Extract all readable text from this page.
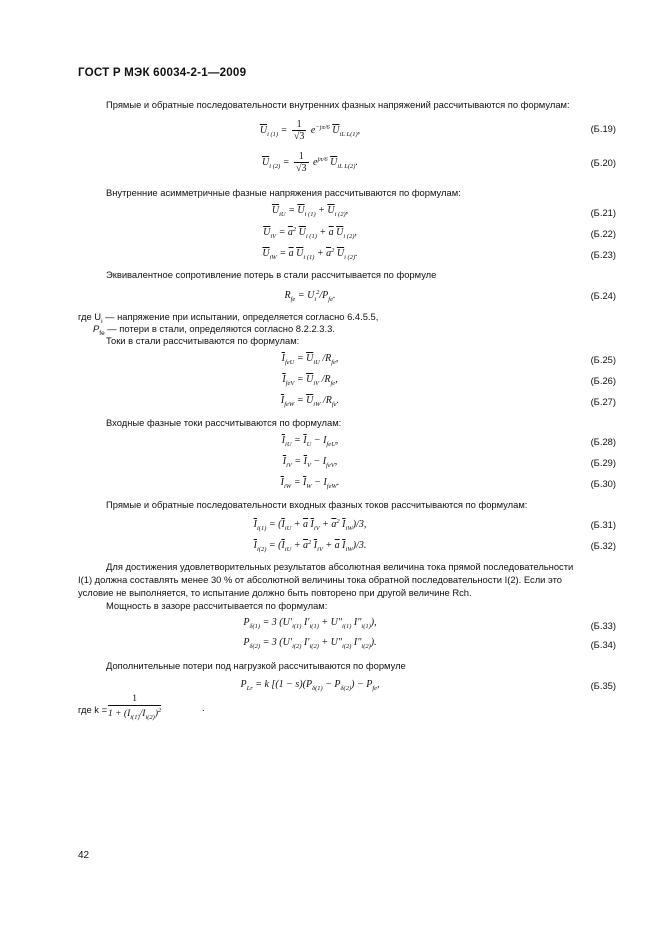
ГОСТ Р МЭК 60034-2-1—2009
Прямые и обратные последовательности внутренних фазных напряжений рассчитываются по формулам:
$\overline{U}_{i (1)} = \frac{1}{√3} e^{-j\pi/6}$ $\overline{U}_{iL L(1)}$,	(Б.19)
$\overline{U}_{i (2)} = \frac{1}{√3} e^{j\pi/6}$ $\overline{U}_{iL L(2)}$.	(Б.20)
Внутренние асимметричные фазные напряжения рассчитываются по формулам:
$\overline{U}_{iU} = \overline{U}_{i (1)} + \overline{U}_{i (2)}$,	(Б.21)
$\overline{U}_{iV} = \overline{a}^2$ $\overline{U}_{i (1)} + \overline{a}$ $\overline{U}_{i (2)}$,	(Б.22)
$\overline{U}_{iW} = \overline{a}$ $\overline{U}_{i (1)} + \overline{a}^2$ $\overline{U}_{i (2)}$.	(Б.23)
Эквивалентное сопротивление потерь в стали рассчитывается по формуле
$R_{fe} = U_i^2/P_{fe}$.	(Б.24)
где $U_i$ — напряжение при испытании, определяется согласно 6.4.5.5,
$P_{fe}$ — потери в стали, определяются согласно 8.2.2.3.3.
Токи в стали рассчитываются по формулам:
$\overline{I}_{feU} = \overline{U}_{iU}$ $/R_{fe}$,	(Б.25)
$\overline{I}_{feV} = \overline{U}_{iV}$ $/R_{fe}$,	(Б.26)
$\overline{I}_{feW} = \overline{U}_{iW}$ $/R_{fe}$.	(Б.27)
Входные фазные токи рассчитываются по формулам:
$\overline{I}_{iU} = \overline{I}_U - I_{feU}$,	(Б.28)
$\overline{I}_{iV} = \overline{I}_V - I_{feV}$,	(Б.29)
$\overline{I}_{iW} = \overline{I}_W - I_{feW}$.	(Б.30)
Прямые и обратные последовательности входных фазных токов рассчитываются по формулам:
$\overline{I}_{i(1)} = (\overline{I}_{iU} + \overline{a}$ $\overline{I}_{iV} + \overline{a}^2$ $\overline{I}_{iW})/3$,	(Б.31)
$\overline{I}_{i(2)} = (\overline{I}_{iU} + \overline{a}^2$ $\overline{I}_{iV} + \overline{a}$ $\overline{I}_{iW})/3$.	(Б.32)
Для достижения удовлетворительных результатов абсолютная величина тока прямой последовательности I(1) должна составлять менее 30 % от абсолютной величины тока обратной последовательности I(2). Если это условие не выполняется, то испытание должно быть повторено при другой величине Rch.
Мощность в зазоре рассчитывается по формулам:
$P_{\delta(1)} = 3$ ($U'_{i(1)}$ $I'_{i(1)} + U''_{i(1)}$ $I''_{i(1)}$),	(Б.33)
$P_{\delta(2)} = 3$ ($U'_{i(2)}$ $I'_{i(2)} + U''_{i(2)}$ $I''_{i(2)}$).	(Б.34)
Дополнительные потери под нагрузкой рассчитываются по формуле
$P_{Lr} = k$ [$(1 - s)(P_{\delta(1)} - P_{\delta(2)}) - P_{fe}$,	(Б.35)
где k =
1
$1 + (I_{i(1)}/I_{i(2)})^2$	.
42
